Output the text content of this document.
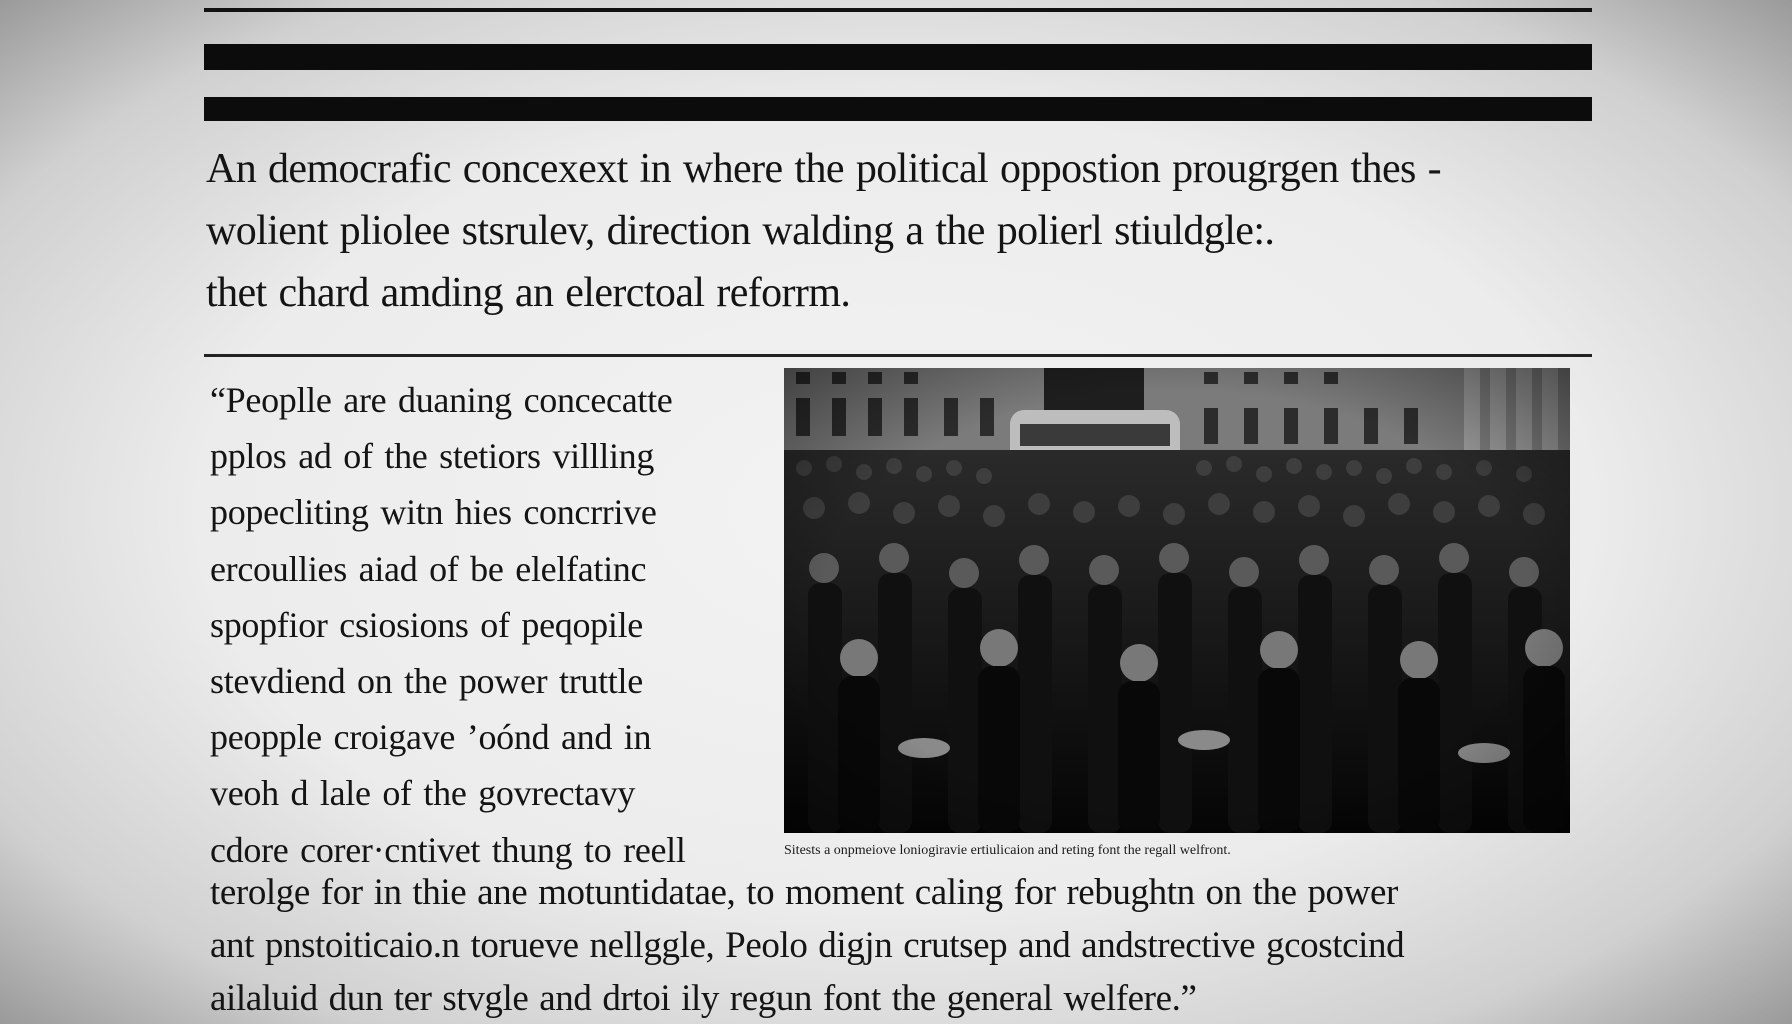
An democrafic concexext in where the political oppostion prougrgen thes -
wolient pliolee stsrulev, direction walding a the polierl stiuldgle:.
thet chard amding an elerctoal reforrm.
“Peoplle are duaning concecatte
pplos ad of the stetiors villling
popecliting witn hies concrrive
ercoullies aiad of be elelfatinc
spopfior csiosions of peqopile
stevdiend on the power truttle
peopple croigave ’oónd and in
veoh d lale of the govrectavy
cdore corer·cntivet thung to reell	Sitests a onpmeiove loniogiravie ertiulicaion and reting font the regall welfront.
terolge for in thie ane motuntidatae, to moment caling for rebughtn on the power
ant pnstoiticaio.n torueve nellggle, Peolo digjn crutsep and andstrective gcostcind
ailaluid dun ter stvgle and drtoi ily regun font the general welfere.”
